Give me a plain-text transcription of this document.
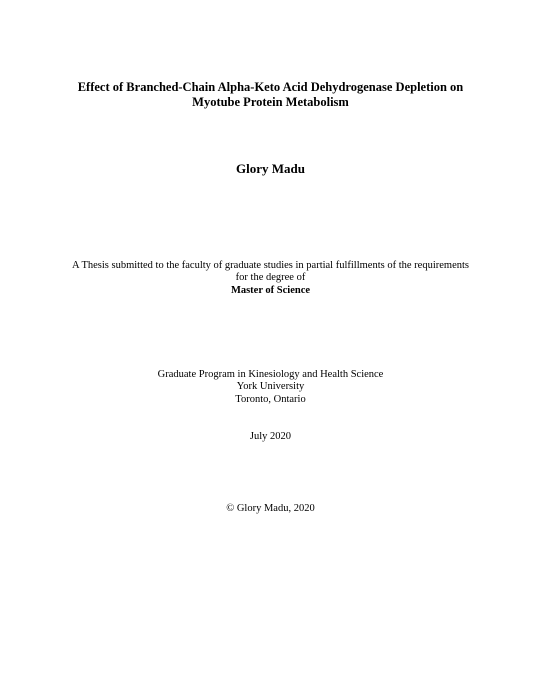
Effect of Branched-Chain Alpha-Keto Acid Dehydrogenase Depletion on
Myotube Protein Metabolism
Glory Madu
A Thesis submitted to the faculty of graduate studies in partial fulfillments of the requirements
for the degree of
Master of Science
Graduate Program in Kinesiology and Health Science
York University
Toronto, Ontario
July 2020
© Glory Madu, 2020
